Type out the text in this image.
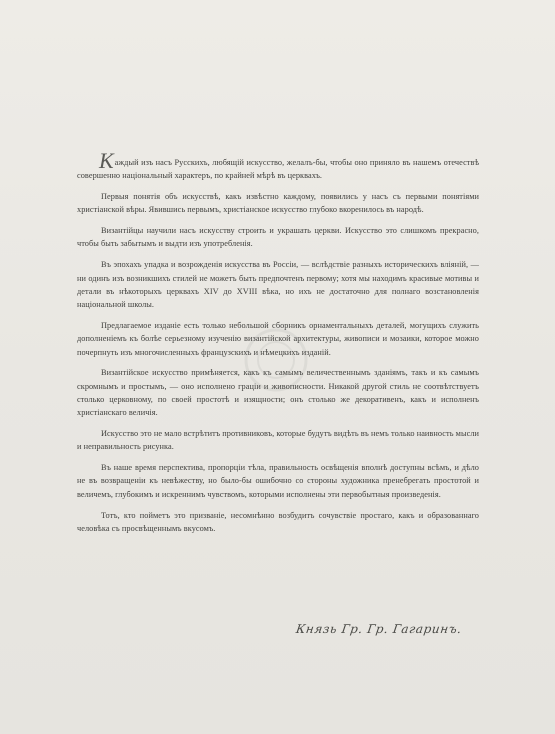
Каждый изъ насъ Русскихъ, любящій искусство, желалъ-бы, чтобы оно приняло въ нашемъ отечествѣ совершенно національный характеръ, по крайней мѣрѣ въ церквахъ.

Первыя понятія объ искусствѣ, какъ извѣстно каждому, появились у насъ съ первыми понятіями христіанской вѣры. Явившись первымъ, христіанское искусство глубоко вкоренилось въ народѣ.

Византійцы научили насъ искусству строить и украшать церкви. Искусство это слишкомъ прекрасно, чтобы быть забытымъ и выдти изъ употребленія.

Въ эпохахъ упадка и возрожденія искусства въ Россіи, — вслѣдствіе разныхъ историческихъ вліяній, — ни одинъ изъ возникшихъ стилей не можетъ быть предпочтенъ первому; хотя мы находимъ красивые мотивы и детали въ нѣкоторыхъ церквахъ XIV до XVIII вѣка, но ихъ не достаточно для полнаго возстановленія національной школы.

Предлагаемое изданіе есть только небольшой сборникъ орнаментальныхъ деталей, могущихъ служить дополненіемъ къ болѣе серьезному изученію византійской архитектуры, живописи и мозаики, которое можно почерпнуть изъ многочисленныхъ французскихъ и нѣмецкихъ изданій.

Византійское искусство примѣняется, какъ къ самымъ величественнымъ зданіямъ, такъ и къ самымъ скромнымъ и простымъ, — оно исполнено граціи и живописности. Никакой другой стиль не соотвѣтствуетъ столько церковному, по своей простотѣ и изящности; онъ столько же декоративенъ, какъ и исполненъ христіанскаго величія.

Искусство это не мало встрѣтитъ противниковъ, которые будутъ видѣть въ немъ только наивность мысли и неправильность рисунка.

Въ наше время перспектива, пропорціи тѣла, правильность освѣщенія вполнѣ доступны всѣмъ, и дѣло не въ возвращеніи къ невѣжеству, но было-бы ошибочно со стороны художника пренебрегать простотой и величемъ, глубокимъ и искреннимъ чувствомъ, которыми исполнены эти первобытныя произведенія.

Тотъ, кто пойметъ это призваніе, несомнѣнно возбудитъ сочувствіе простаго, какъ и образованнаго человѣка съ просвѣщеннымъ вкусомъ.

Князь Гр. Гр. Гагаринъ.
